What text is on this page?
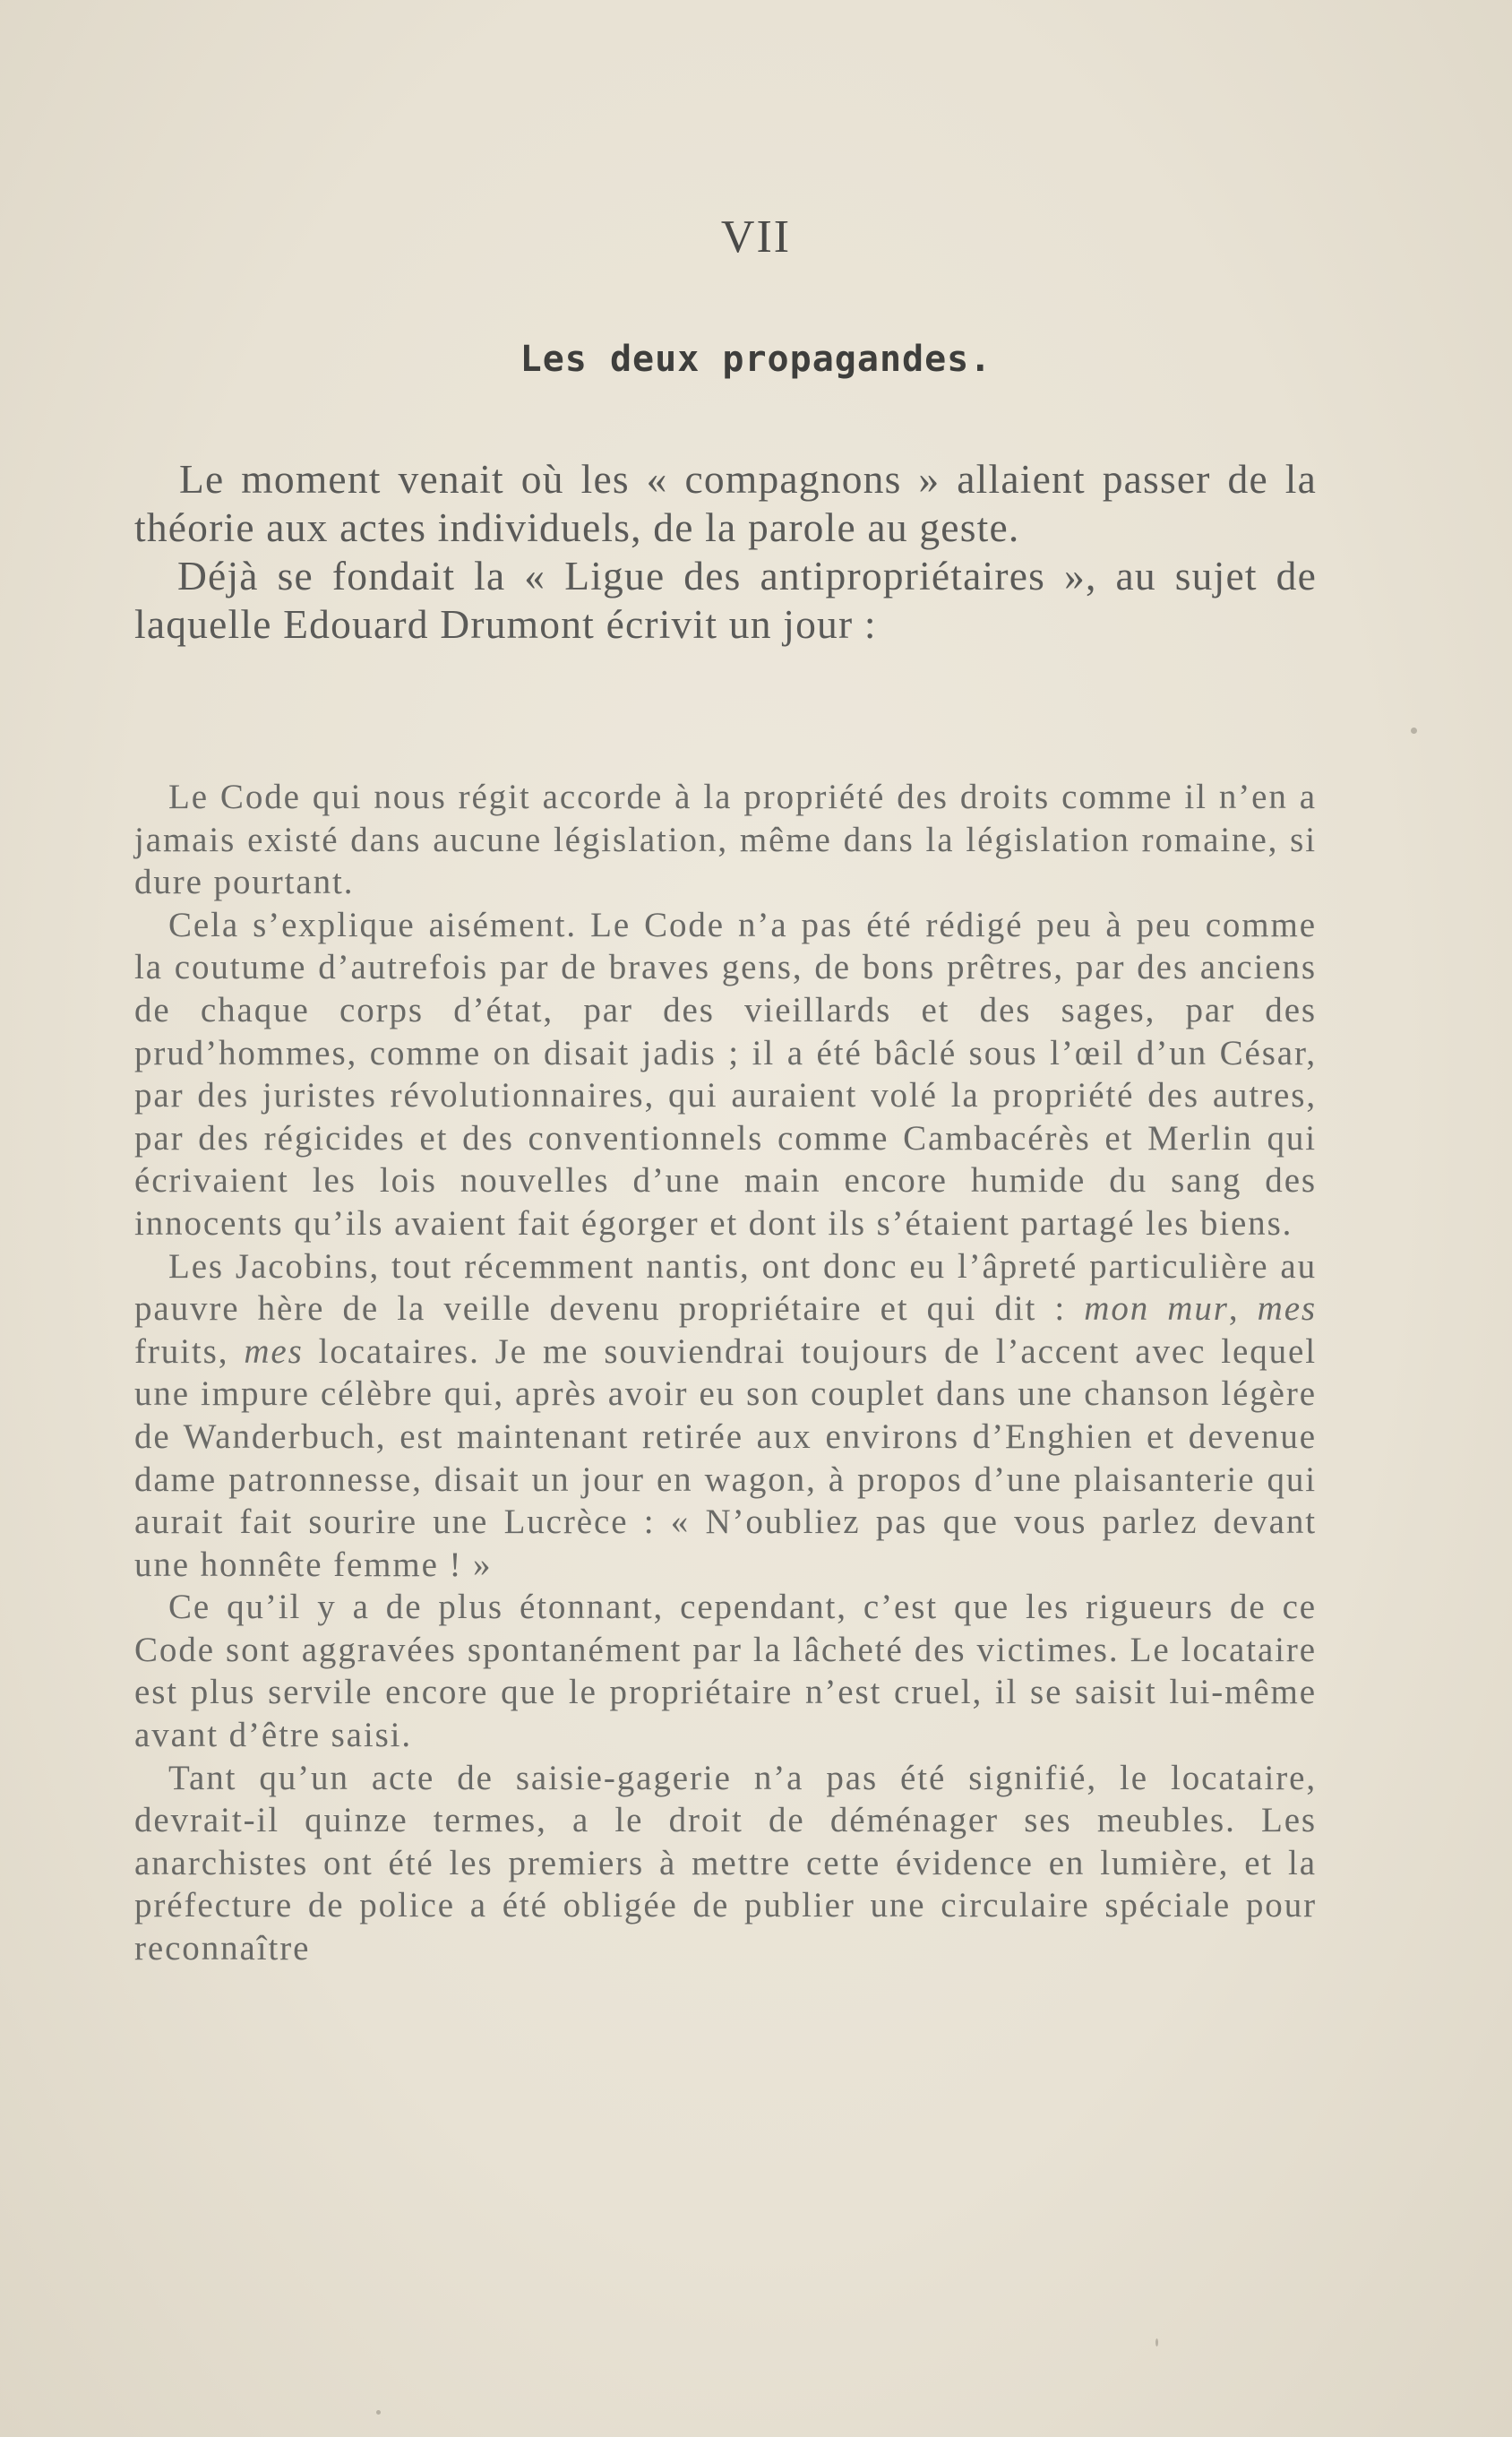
VII
Les deux propagandes.

Le moment venait où les « compagnons » allaient passer de la théorie aux actes individuels, de la parole au geste.

Déjà se fondait la « Ligue des antipropriétaires », au sujet de laquelle Edouard Drumont écrivit un jour :

Le Code qui nous régit accorde à la propriété des droits comme il n’en a jamais existé dans aucune législation, même dans la législation romaine, si dure pourtant.

Cela s’explique aisément. Le Code n’a pas été rédigé peu à peu comme la coutume d’autrefois par de braves gens, de bons prêtres, par des anciens de chaque corps d’état, par des vieillards et des sages, par des prud’hommes, comme on disait jadis ; il a été bâclé sous l’œil d’un César, par des juristes révolutionnaires, qui auraient volé la propriété des autres, par des régicides et des conventionnels comme Cambacérès et Merlin qui écrivaient les lois nouvelles d’une main encore humide du sang des innocents qu’ils avaient fait égorger et dont ils s’étaient partagé les biens.

Les Jacobins, tout récemment nantis, ont donc eu l’âpreté particulière au pauvre hère de la veille devenu propriétaire et qui dit : mon mur, mes fruits, mes locataires. Je me souviendrai toujours de l’accent avec lequel une impure célèbre qui, après avoir eu son couplet dans une chanson légère de Wanderbuch, est maintenant retirée aux environs d’Enghien et devenue dame patronnesse, disait un jour en wagon, à propos d’une plaisanterie qui aurait fait sourire une Lucrèce : « N’oubliez pas que vous parlez devant une honnête femme ! »

Ce qu’il y a de plus étonnant, cependant, c’est que les rigueurs de ce Code sont aggravées spontanément par la lâcheté des victimes. Le locataire est plus servile encore que le propriétaire n’est cruel, il se saisit lui-même avant d’être saisi.

Tant qu’un acte de saisie-gagerie n’a pas été signifié, le locataire, devrait-il quinze termes, a le droit de déménager ses meubles. Les anarchistes ont été les premiers à mettre cette évidence en lumière, et la préfecture de police a été obligée de publier une circulaire spéciale pour reconnaître
